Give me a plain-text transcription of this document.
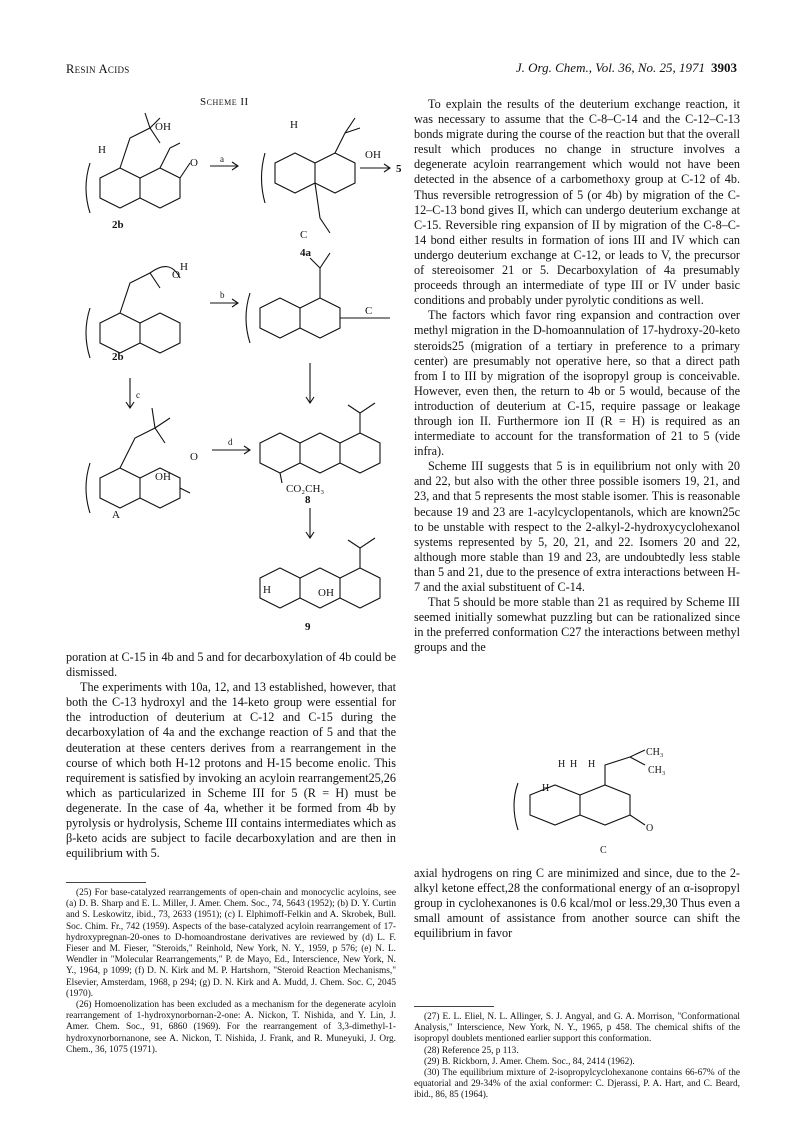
Resin Acids	J. Org. Chem., Vol. 36, No. 25, 1971 3903
Scheme II
OH
H
O
C
H
OH
O
H
C
O
CO₂CH₃
OH
H	OH
2b
4a
2b
A
8
9
5
a
b
c
d

poration at C-15 in 4b and 5 and for decarboxylation of 4b could be dismissed.

The experiments with 10a, 12, and 13 established, however, that both the C-13 hydroxyl and the 14-keto group were essential for the introduction of deuterium at C-12 and C-15 during the decarboxylation of 4a and the exchange reaction of 5 and that the deuteration at these centers derives from a rearrangement in the course of which both H-12 protons and H-15 become enolic. This requirement is satisfied by invoking an acyloin rearrangement25,26 which as particularized in Scheme III for 5 (R = H) must be degenerate. In the case of 4a, whether it be formed from 4b by pyrolysis or hydrolysis, Scheme III contains intermediates which as β-keto acids are subject to facile decarboxylation and are then in equilibrium with 5.

(25) For base-catalyzed rearrangements of open-chain and monocyclic acyloins, see (a) D. B. Sharp and E. L. Miller, J. Amer. Chem. Soc., 74, 5643 (1952); (b) D. Y. Curtin and S. Leskowitz, ibid., 73, 2633 (1951); (c) I. Elphimoff-Felkin and A. Skrobek, Bull. Soc. Chim. Fr., 742 (1959). Aspects of the base-catalyzed acyloin rearrangement of 17-hydroxypregnan-20-ones to D-homoandrostane derivatives are reviewed by (d) L. F. Fieser and M. Fieser, "Steroids," Reinhold, New York, N. Y., 1959, p 576; (e) N. L. Wendler in "Molecular Rearrangements," P. de Mayo, Ed., Interscience, New York, N. Y., 1964, p 1099; (f) D. N. Kirk and M. P. Hartshorn, "Steroid Reaction Mechanisms," Elsevier, Amsterdam, 1968, p 294; (g) D. N. Kirk and A. Mudd, J. Chem. Soc. C, 2045 (1970).

(26) Homoenolization has been excluded as a mechanism for the degenerate acyloin rearrangement of 1-hydroxynorbornan-2-one: A. Nickon, T. Nishida, and Y. Lin, J. Amer. Chem. Soc., 91, 6860 (1969). For the rearrangement of 3,3-dimethyl-1-hydroxynorbornanone, see A. Nickon, T. Nishida, J. Frank, and R. Muneyuki, J. Org. Chem., 36, 1075 (1971).

To explain the results of the deuterium exchange reaction, it was necessary to assume that the C-8–C-14 and the C-12–C-13 bonds migrate during the course of the reaction but that the overall result which produces no change in structure involves a degenerate acyloin rearrangement which would not have been detected in the absence of a carbomethoxy group at C-12 of 4b. Thus reversible retrogression of 5 (or 4b) by migration of the C-12–C-13 bond gives II, which can undergo deuterium exchange at C-15. Reversible ring expansion of II by migration of the C-8–C-14 bond either results in formation of ions III and IV which can undergo deuterium exchange at C-12, or leads to V, the precursor of stereoisomer 21 or 5. Decarboxylation of 4a presumably proceeds through an intermediate of type III or IV under basic conditions and probably under pyrolytic conditions as well.

The factors which favor ring expansion and contraction over methyl migration in the D-homoannulation of 17-hydroxy-20-keto steroids25 (migration of a tertiary in preference to a primary center) are presumably not operative here, so that a direct path from I to III by migration of the isopropyl group is conceivable. However, even then, the return to 4b or 5 would, because of the introduction of deuterium at C-15, require passage or leakage through ion II. Furthermore ion II (R = H) is required as an intermediate to account for the transformation of 21 to 5 (vide infra).

Scheme III suggests that 5 is in equilibrium not only with 20 and 22, but also with the other three possible isomers 19, 21, and 23, and that 5 represents the most stable isomer. This is reasonable because 19 and 23 are 1-acylcyclopentanols, which are known25c to be unstable with respect to the 2-alkyl-2-hydroxycyclohexanol systems represented by 5, 20, 21, and 22. Isomers 20 and 22, although more stable than 19 and 23, are undoubtedly less stable than 5 and 21, due to the presence of extra interactions between H-7 and the axial substituent of C-14.

That 5 should be more stable than 21 as required by Scheme III seemed initially somewhat puzzling but can be rationalized since in the preferred conformation C27 the interactions between methyl groups and the

H H H
CH₃
CH₃
H
O
C

axial hydrogens on ring C are minimized and since, due to the 2-alkyl ketone effect,28 the conformational energy of an α-isopropyl group in cyclohexanones is 0.6 kcal/mol or less.29,30 Thus even a small amount of assistance from another source can shift the equilibrium in favor

(27) E. L. Eliel, N. L. Allinger, S. J. Angyal, and G. A. Morrison, "Conformational Analysis," Interscience, New York, N. Y., 1965, p 458. The chemical shifts of the isopropyl doublets mentioned earlier support this conformation.

(28) Reference 25, p 113.

(29) B. Rickborn, J. Amer. Chem. Soc., 84, 2414 (1962).

(30) The equilibrium mixture of 2-isopropylcyclohexanone contains 66-67% of the equatorial and 29-34% of the axial conformer: C. Djerassi, P. A. Hart, and C. Beard, ibid., 86, 85 (1964).
